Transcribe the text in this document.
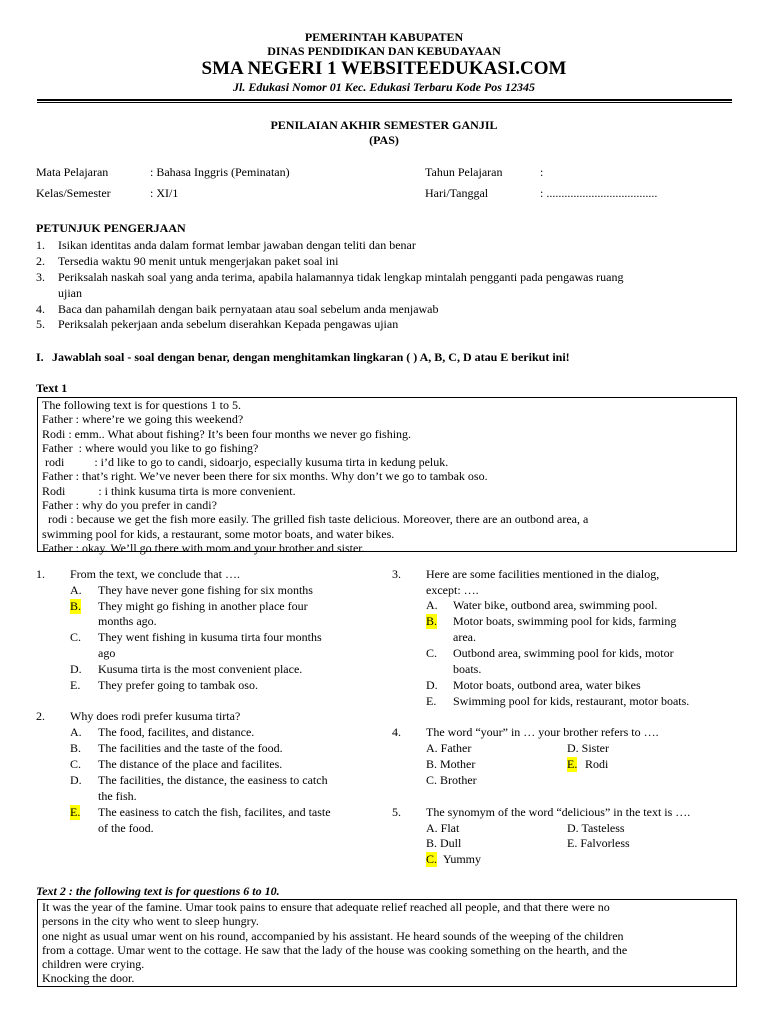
PEMERINTAH KABUPATEN
DINAS PENDIDIKAN DAN KEBUDAYAAN
SMA NEGERI 1 WEBSITEEDUKASI.COM
Jl. Edukasi Nomor 01 Kec. Edukasi Terbaru Kode Pos 12345
PENILAIAN AKHIR SEMESTER GANJIL
(PAS)
Mata Pelajaran	: Bahasa Inggris (Peminatan)	Tahun Pelajaran	:
Kelas/Semester	: XI/1	Hari/Tanggal	: .....................................
PETUNJUK PENGERJAAN
1. Isikan identitas anda dalam format lembar jawaban dengan teliti dan benar
2. Tersedia waktu 90 menit untuk mengerjakan paket soal ini
3. Periksalah naskah soal yang anda terima, apabila halamannya tidak lengkap mintalah pengganti pada pengawas ruang
ujian
4. Baca dan pahamilah dengan baik pernyataan atau soal sebelum anda menjawab
5. Periksalah pekerjaan anda sebelum diserahkan Kepada pengawas ujian
I. Jawablah soal - soal dengan benar, dengan menghitamkan lingkaran ( ) A, B, C, D atau E berikut ini!
Text 1

The following text is for questions 1 to 5.

Father : where’re we going this weekend?

Rodi : emm.. What about fishing? It’s been four months we never go fishing.

Father  : where would you like to go fishing?

rodi          : i’d like to go to candi, sidoarjo, especially kusuma tirta in kedung peluk.

Father : that’s right. We’ve never been there for six months. Why don’t we go to tambak oso.

Rodi           : i think kusuma tirta is more convenient.

Father : why do you prefer in candi?

rodi : because we get the fish more easily. The grilled fish taste delicious. Moreover, there are an outbond area, a

swimming pool for kids, a restaurant, some motor boats, and water bikes.

Father : okay. We’ll go there with mom and your brother and sister.

1. From the text, we conclude that ….
A. They have never gone fishing for six months
B. They might go fishing in another place four
months ago.
C. They went fishing in kusuma tirta four months
ago
D. Kusuma tirta is the most convenient place.
E. They prefer going to tambak oso.
2. Why does rodi prefer kusuma tirta?
A. The food, facilites, and distance.
B. The facilities and the taste of the food.
C. The distance of the place and facilites.
D. The facilities, the distance, the easiness to catch
the fish.
E. The easiness to catch the fish, facilites, and taste
of the food.
3. Here are some facilities mentioned in the dialog,
except: ….
A. Water bike, outbond area, swimming pool.
B. Motor boats, swimming pool for kids, farming
area.
C. Outbond area, swimming pool for kids, motor
boats.
D. Motor boats, outbond area, water bikes
E. Swimming pool for kids, restaurant, motor boats.
4. The word “your” in … your brother refers to ….
A. Father	D. Sister
B. Mother	E. Rodi
C. Brother
5. The synomym of the word “delicious” in the text is ….
A. Flat	D. Tasteless
B. Dull	E. Falvorless
C. Yummy
Text 2 : the following text is for questions 6 to 10.

It was the year of the famine. Umar took pains to ensure that adequate relief reached all people, and that there were no

persons in the city who went to sleep hungry.

one night as usual umar went on his round, accompanied by his assistant. He heard sounds of the weeping of the children

from a cottage. Umar went to the cottage. He saw that the lady of the house was cooking something on the hearth, and the

children were crying.

Knocking the door.
